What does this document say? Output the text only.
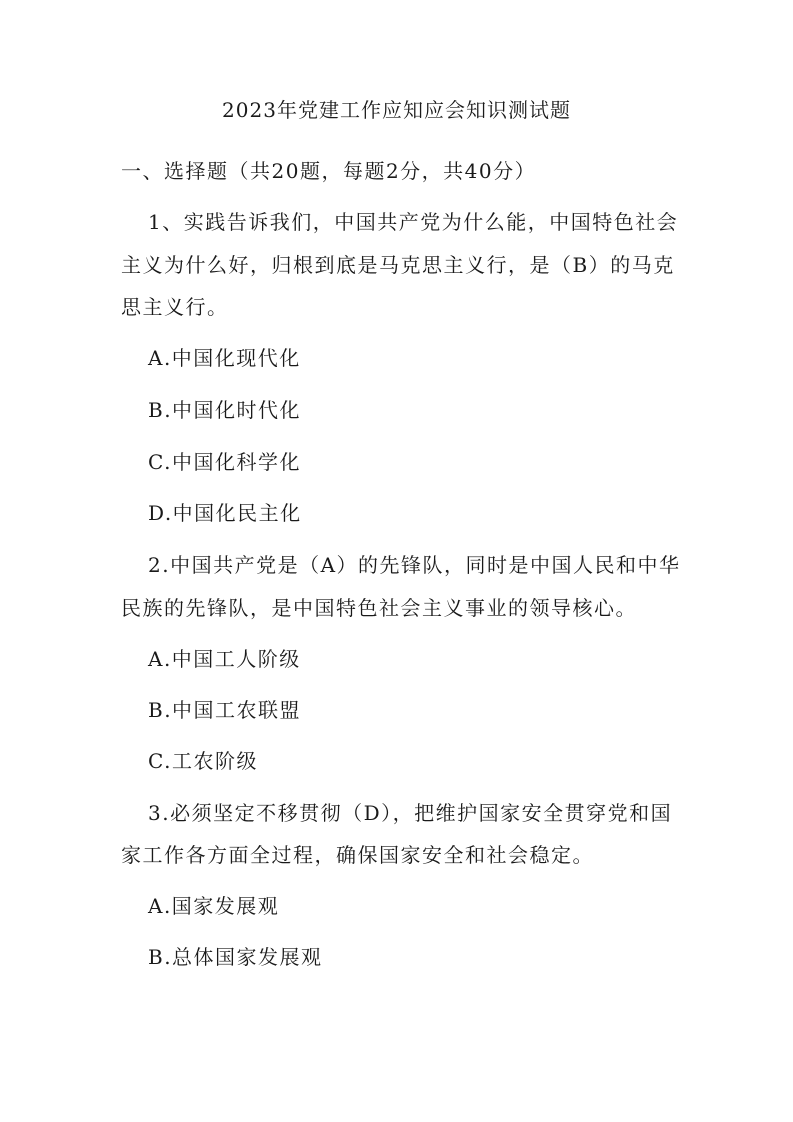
2023年党建工作应知应会知识测试题
一、选择题（共20题，每题2分，共40分）
1、实践告诉我们，中国共产党为什么能，中国特色社会
主义为什么好，归根到底是马克思主义行，是（B）的马克
思主义行。
A.中国化现代化
B.中国化时代化
C.中国化科学化
D.中国化民主化
2.中国共产党是（A）的先锋队，同时是中国人民和中华
民族的先锋队，是中国特色社会主义事业的领导核心。
A.中国工人阶级
B.中国工农联盟
C.工农阶级
3.必须坚定不移贯彻（D），把维护国家安全贯穿党和国
家工作各方面全过程，确保国家安全和社会稳定。
A.国家发展观
B.总体国家发展观
